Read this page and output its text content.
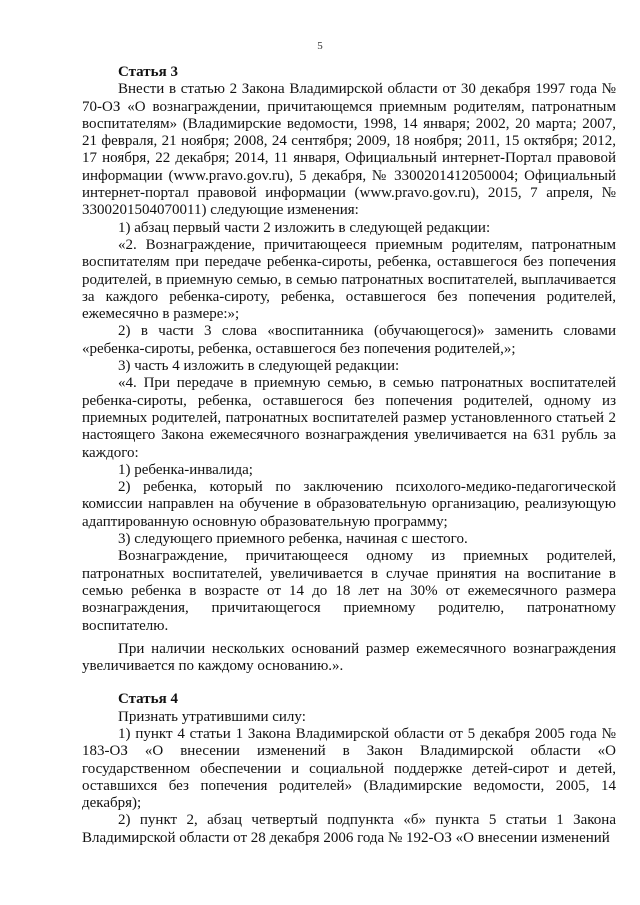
5

Статья 3

Внести в статью 2 Закона Владимирской области от 30 декабря 1997 года № 70-ОЗ «О вознаграждении, причитающемся приемным родителям, патронатным воспитателям» (Владимирские ведомости, 1998, 14 января; 2002, 20 марта; 2007, 21 февраля, 21 ноября; 2008, 24 сентября; 2009, 18 ноября; 2011, 15 октября; 2012, 17 ноября, 22 декабря; 2014, 11 января, Официальный интернет-Портал правовой информации (www.pravo.gov.ru), 5 декабря, № 3300201412050004; Официальный интернет-портал правовой информации (www.pravo.gov.ru), 2015, 7 апреля, № 3300201504070011) следующие изменения:

1) абзац первый части 2 изложить в следующей редакции:

«2. Вознаграждение, причитающееся приемным родителям, патронатным воспитателям при передаче ребенка-сироты, ребенка, оставшегося без попечения родителей, в приемную семью, в семью патронатных воспитателей, выплачивается за каждого ребенка-сироту, ребенка, оставшегося без попечения родителей, ежемесячно в размере:»;

2) в части 3 слова «воспитанника (обучающегося)» заменить словами «ребенка-сироты, ребенка, оставшегося без попечения родителей,»;

3) часть 4 изложить в следующей редакции:

«4. При передаче в приемную семью, в семью патронатных воспитателей ребенка-сироты, ребенка, оставшегося без попечения родителей, одному из приемных родителей, патронатных воспитателей размер установленного статьей 2 настоящего Закона ежемесячного вознаграждения увеличивается на 631 рубль за каждого:

1) ребенка-инвалида;

2) ребенка, который по заключению психолого-медико-педагогической комиссии направлен на обучение в образовательную организацию, реализующую адаптированную основную образовательную программу;

3) следующего приемного ребенка, начиная с шестого.

Вознаграждение, причитающееся одному из приемных родителей, патронатных воспитателей, увеличивается в случае принятия на воспитание в семью ребенка в возрасте от 14 до 18 лет на 30% от ежемесячного размера вознаграждения, причитающегося приемному родителю, патронатному воспитателю.

При наличии нескольких оснований размер ежемесячного вознаграждения увеличивается по каждому основанию.».

Статья 4

Признать утратившими силу:

1) пункт 4 статьи 1 Закона Владимирской области от 5 декабря 2005 года № 183-ОЗ «О внесении изменений в Закон Владимирской области «О государственном обеспечении и социальной поддержке детей-сирот и детей, оставшихся без попечения родителей» (Владимирские ведомости, 2005, 14 декабря);

2) пункт 2, абзац четвертый подпункта «б» пункта 5 статьи 1 Закона Владимирской области от 28 декабря 2006 года № 192-ОЗ «О внесении изменений
